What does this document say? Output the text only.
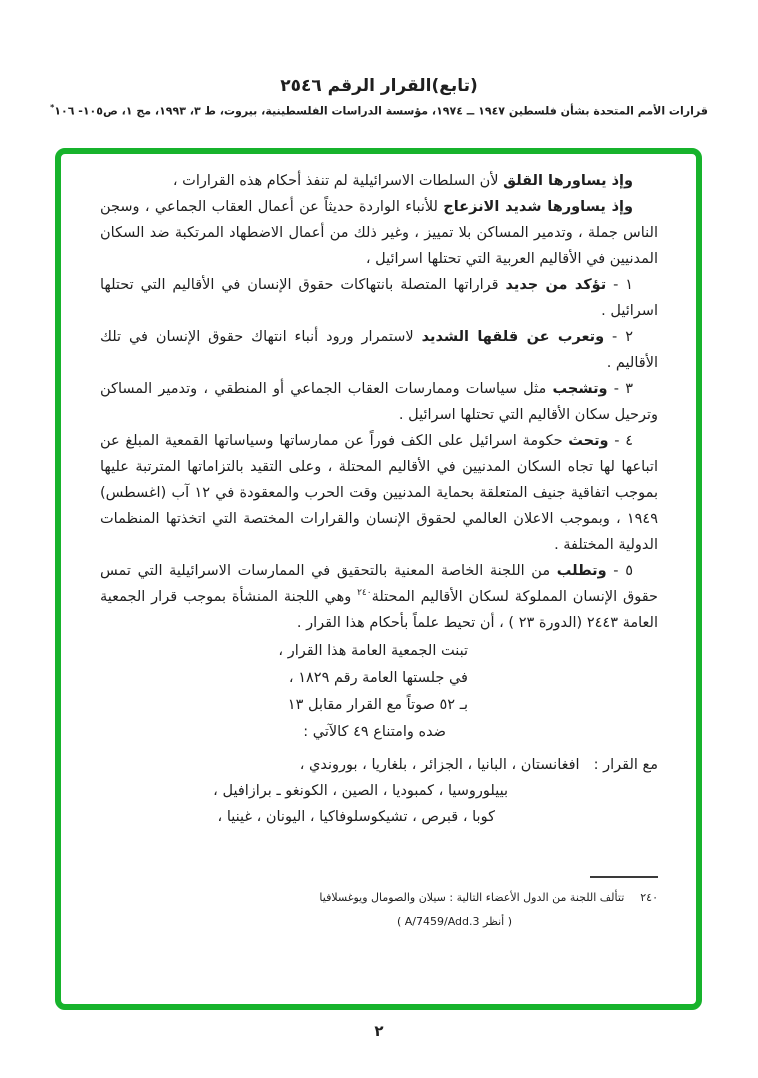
(تابع)القرار الرقم ٢٥٤٦
قرارات الأمم المتحدة بشأن فلسطين ١٩٤٧ ــ ١٩٧٤، مؤسسة الدراسات الفلسطينية، بيروت، ط ٣، ١٩٩٣، مج ١، ص١٠٥- ١٠٦*

وإذ يساورها القلق لأن السلطات الاسرائيلية لم تنفذ أحكام هذه القرارات ،

وإذ يساورها شديد الانزعاج للأنباء الواردة حديثاً عن أعمال العقاب الجماعي ، وسجن الناس جملة ، وتدمير المساكن بلا تمييز ، وغير ذلك من أعمال الاضطهاد المرتكبة ضد السكان المدنيين في الأقاليم العربية التي تحتلها اسرائيل ،

١ - تؤكد من جديد قراراتها المتصلة بانتهاكات حقوق الإنسان في الأقاليم التي تحتلها اسرائيل .

٢ - وتعرب عن قلقها الشديد لاستمرار ورود أنباء انتهاك حقوق الإنسان في تلك الأقاليم .

٣ - وتشجب مثل سياسات وممارسات العقاب الجماعي أو المنطقي ، وتدمير المساكن وترحيل سكان الأقاليم التي تحتلها اسرائيل .

٤ - وتحث حكومة اسرائيل على الكف فوراً عن ممارساتها وسياساتها القمعية المبلغ عن اتباعها لها تجاه السكان المدنيين في الأقاليم المحتلة ، وعلى التقيد بالتزاماتها المترتبة عليها بموجب اتفاقية جنيف المتعلقة بحماية المدنيين وقت الحرب والمعقودة في ١٢ آب (اغسطس) ١٩٤٩ ، وبموجب الاعلان العالمي لحقوق الإنسان والقرارات المختصة التي اتخذتها المنظمات الدولية المختلفة .

٥ - وتطلب من اللجنة الخاصة المعنية بالتحقيق في الممارسات الاسرائيلية التي تمس حقوق الإنسان المملوكة لسكان الأقاليم المحتلة$^{٢٤٠}$ وهي اللجنة المنشأة بموجب قرار الجمعية العامة ٢٤٤٣ (الدورة ٢٣ ) ، أن تحيط علماً بأحكام هذا القرار .

تبنت الجمعية العامة هذا القرار ،
في جلستها العامة رقم ١٨٢٩ ،
بـ ٥٢ صوتاً مع القرار مقابل ١٣
ضده وامتناع ٤٩ كالآتي :
مع القرار :افغانستان ، البانيا ، الجزائر ، بلغاريا ، بوروندي ،
بييلوروسيا ، كمبوديا ، الصين ، الكونغو ـ برازافيل ،
كوبا ، قبرص ، تشيكوسلوفاكيا ، اليونان ، غينيا ،
٢٤٠تتألف اللجنة من الدول الأعضاء التالية : سيلان والصومال ويوغسلافيا
( أنظر A/7459/Add.3 )
٢
